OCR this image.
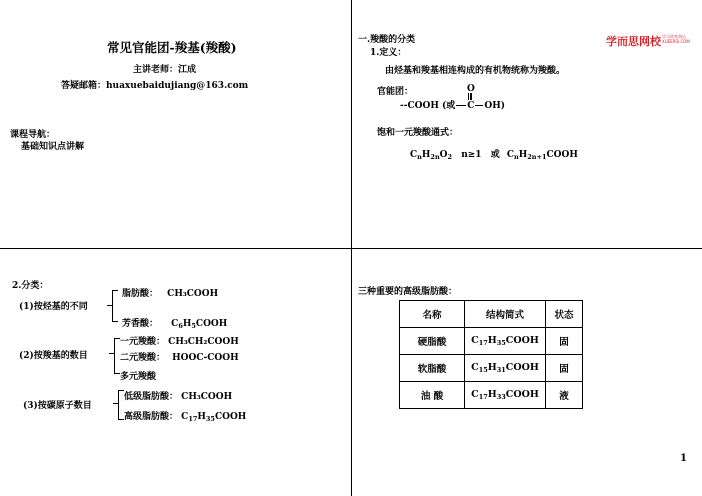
常见官能团-羧基(羧酸)
主讲老师：江成
答疑邮箱：huaxuebaidujiang@163.com
课程导航：
基础知识点讲解
学而思网校 学习改变命运
XUEERSI.COM
一.羧酸的分类
1.定义：
由烃基和羧基相连构成的有机物统称为羧酸。
官能团：	O
--COOH (或 C OH)
饱和一元羧酸通式：
$C_nH_{2n}O_2$ n≥1 或 $C_nH_{2n+1}COOH$
2.分类：
(1)按烃基的不同
脂肪酸： CH₃COOH
芳香酸： $C_6H_5COOH$
(2)按羧基的数目
一元羧酸： CH₃CH₂COOH
二元羧酸： HOOC-COOH
多元羧酸
(3)按碳原子数目
低级脂肪酸： CH₃COOH
高级脂肪酸： $C_{17}H_{35}COOH$
三种重要的高级脂肪酸：
名称	结构简式	状态
硬脂酸	$C_{17}H_{35}COOH$	固
软脂酸	$C_{15}H_{31}COOH$	固
油 酸	$C_{17}H_{33}COOH$	液
1
